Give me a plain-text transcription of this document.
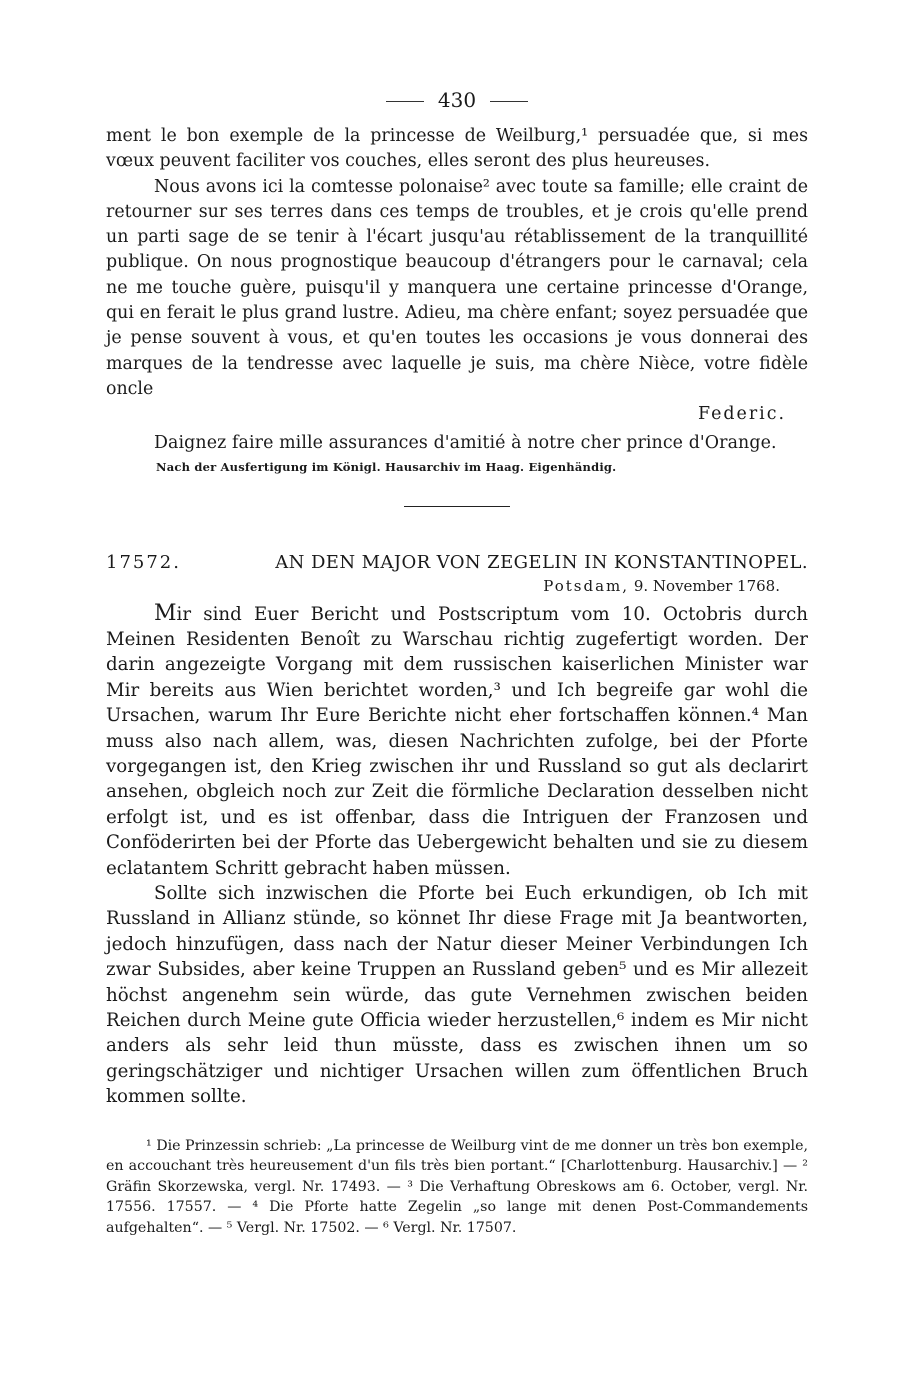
430

ment le bon exemple de la princesse de Weilburg,¹ persuadée que, si mes vœux peuvent faciliter vos couches, elles seront des plus heureuses.

Nous avons ici la comtesse polonaise² avec toute sa famille; elle craint de retourner sur ses terres dans ces temps de troubles, et je crois qu'elle prend un parti sage de se tenir à l'écart jusqu'au rétablissement de la tranquillité publique. On nous prognostique beaucoup d'étrangers pour le carnaval; cela ne me touche guère, puisqu'il y manquera une certaine princesse d'Orange, qui en ferait le plus grand lustre. Adieu, ma chère enfant; soyez persuadée que je pense souvent à vous, et qu'en toutes les occasions je vous donnerai des marques de la tendresse avec laquelle je suis, ma chère Nièce, votre fidèle oncle

Federic.

Daignez faire mille assurances d'amitié à notre cher prince d'Orange.

Nach der Ausfertigung im Königl. Hausarchiv im Haag. Eigenhändig.
17572.	AN DEN MAJOR VON ZEGELIN IN KONSTANTINOPEL.
Potsdam, 9. November 1768.

Mir sind Euer Bericht und Postscriptum vom 10. Octobris durch Meinen Residenten Benoît zu Warschau richtig zugefertigt worden. Der darin angezeigte Vorgang mit dem russischen kaiserlichen Minister war Mir bereits aus Wien berichtet worden,³ und Ich begreife gar wohl die Ursachen, warum Ihr Eure Berichte nicht eher fortschaffen können.⁴ Man muss also nach allem, was, diesen Nachrichten zufolge, bei der Pforte vorgegangen ist, den Krieg zwischen ihr und Russland so gut als declarirt ansehen, obgleich noch zur Zeit die förmliche Declaration desselben nicht erfolgt ist, und es ist offenbar, dass die Intriguen der Franzosen und Conföderirten bei der Pforte das Uebergewicht behalten und sie zu diesem eclatantem Schritt gebracht haben müssen.

Sollte sich inzwischen die Pforte bei Euch erkundigen, ob Ich mit Russland in Allianz stünde, so könnet Ihr diese Frage mit Ja beantworten, jedoch hinzufügen, dass nach der Natur dieser Meiner Verbindungen Ich zwar Subsides, aber keine Truppen an Russland geben⁵ und es Mir allezeit höchst angenehm sein würde, das gute Vernehmen zwischen beiden Reichen durch Meine gute Officia wieder herzustellen,⁶ indem es Mir nicht anders als sehr leid thun müsste, dass es zwischen ihnen um so geringschätziger und nichtiger Ursachen willen zum öffentlichen Bruch kommen sollte.

¹ Die Prinzessin schrieb: „La princesse de Weilburg vint de me donner un très bon exemple, en accouchant très heureusement d'un fils très bien portant.“ [Charlottenburg. Hausarchiv.] — ² Gräfin Skorzewska, vergl. Nr. 17493. — ³ Die Verhaftung Obreskows am 6. October, vergl. Nr. 17556. 17557. — ⁴ Die Pforte hatte Zegelin „so lange mit denen Post-Commandements aufgehalten“. — ⁵ Vergl. Nr. 17502. — ⁶ Vergl. Nr. 17507.
